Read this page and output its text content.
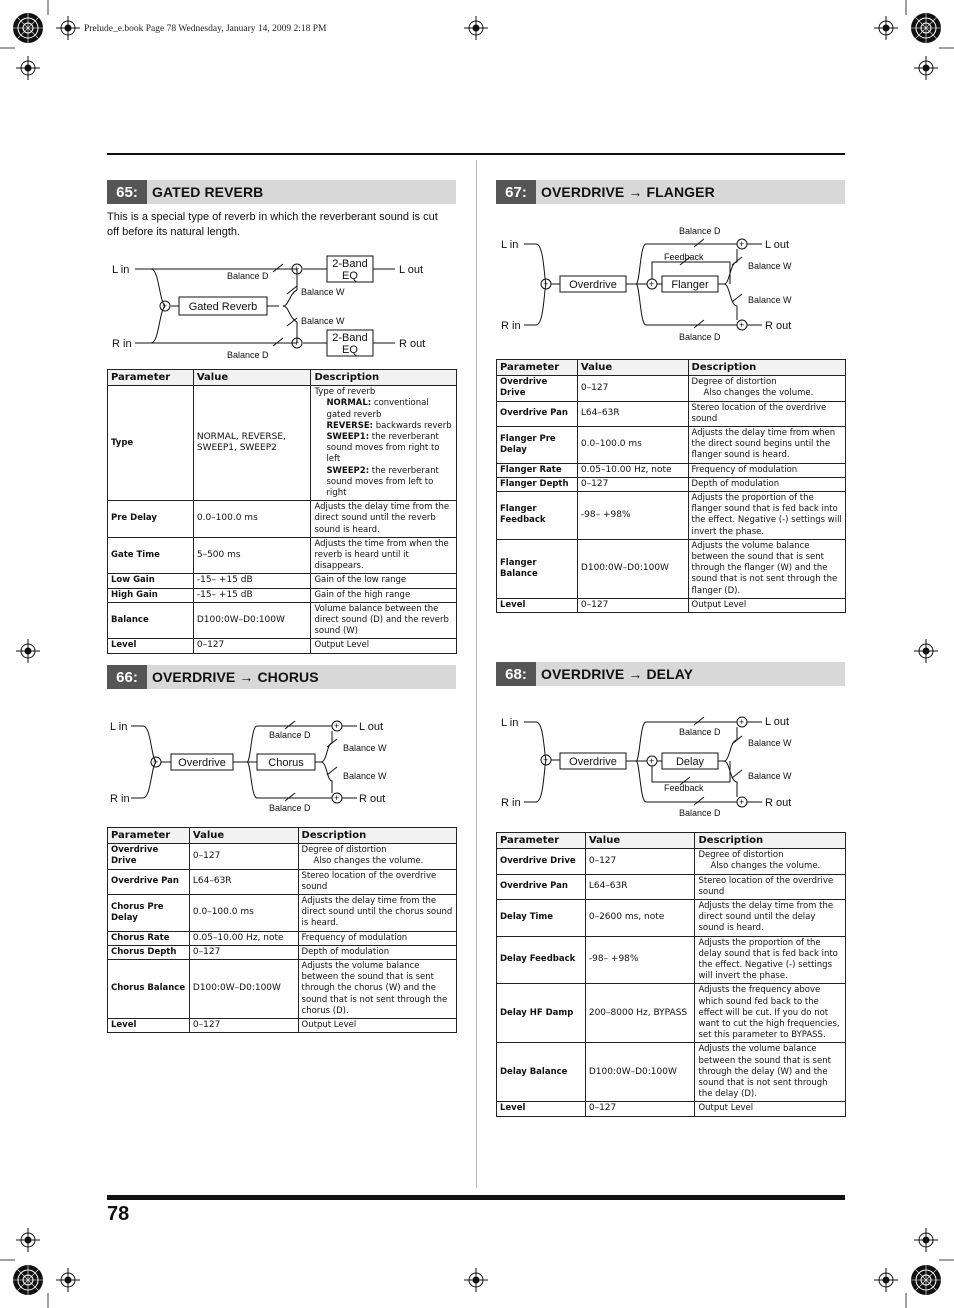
Prelude_e.book Page 78 Wednesday, January 14, 2009 2:18 PM
65:	GATED REVERB
This is a special type of reverb in which the reverberant sound is cut off before its natural length.
+
+
+
Balance D
Balance D
Balance W
Balance W
L in
R in
L out
R out
Gated Reverb
2-Band
EQ
2-Band
EQ
Parameter	Value	Description
Type	NORMAL, REVERSE, SWEEP1, SWEEP2	Type of reverb
NORMAL: conventional gated reverb
REVERSE: backwards reverb
SWEEP1: the reverberant sound moves from right to left
SWEEP2: the reverberant sound moves from left to right

Pre Delay	0.0–100.0 ms	Adjusts the delay time from the direct sound until the reverb sound is heard.
Gate Time	5–500 ms	Adjusts the time from when the reverb is heard until it disappears.
Low Gain	-15– +15 dB	Gain of the low range
High Gain	-15– +15 dB	Gain of the high range
Balance	D100:0W–D0:100W	Volume balance between the direct sound (D) and the reverb sound (W)
Level	0–127	Output Level
66:	OVERDRIVE → CHORUS
+
+
+
Balance D
Balance D
Balance W
Balance W
L in
R in
L out
R out
Overdrive	Chorus
Parameter	Value	Description
Overdrive Drive	0–127	Degree of distortion
Also changes the volume.

Overdrive Pan	L64–63R	Stereo location of the overdrive sound
Chorus Pre Delay	0.0–100.0 ms	Adjusts the delay time from the direct sound until the chorus sound is heard.
Chorus Rate	0.05–10.00 Hz, note	Frequency of modulation
Chorus Depth	0–127	Depth of modulation
Chorus Balance	D100:0W–D0:100W	Adjusts the volume balance between the sound that is sent through the chorus (W) and the sound that is not sent through the chorus (D).
Level	0–127	Output Level
67:	OVERDRIVE → FLANGER
+	+
+
+
Balance D
Balance D
Balance W
Balance W
Feedback
L in
R in
L out
R out
Overdrive	Flanger
Parameter	Value	Description
Overdrive Drive	0–127	Degree of distortion
Also changes the volume.

Overdrive Pan	L64–63R	Stereo location of the overdrive sound
Flanger Pre Delay	0.0–100.0 ms	Adjusts the delay time from when the direct sound begins until the flanger sound is heard.
Flanger Rate	0.05–10.00 Hz, note	Frequency of modulation
Flanger Depth	0–127	Depth of modulation
Flanger Feedback	-98– +98%	Adjusts the proportion of the flanger sound that is fed back into the effect. Negative (-) settings will invert the phase.
Flanger Balance	D100:0W–D0:100W	Adjusts the volume balance between the sound that is sent through the flanger (W) and the sound that is not sent through the flanger (D).
Level	0–127	Output Level
68:	OVERDRIVE → DELAY
+	+
+
+
Balance D
Balance D
Balance W
Balance W
Feedback
L in
R in
L out
R out
Overdrive	Delay
Parameter	Value	Description
Overdrive Drive	0–127	Degree of distortion
Also changes the volume.

Overdrive Pan	L64–63R	Stereo location of the overdrive sound
Delay Time	0–2600 ms, note	Adjusts the delay time from the direct sound until the delay sound is heard.
Delay Feedback	-98– +98%	Adjusts the proportion of the delay sound that is fed back into the effect. Negative (-) settings will invert the phase.
Delay HF Damp	200–8000 Hz, BYPASS	Adjusts the frequency above which sound fed back to the effect will be cut. If you do not want to cut the high frequencies, set this parameter to BYPASS.
Delay Balance	D100:0W–D0:100W	Adjusts the volume balance between the sound that is sent through the delay (W) and the sound that is not sent through the delay (D).
Level	0–127	Output Level
78
